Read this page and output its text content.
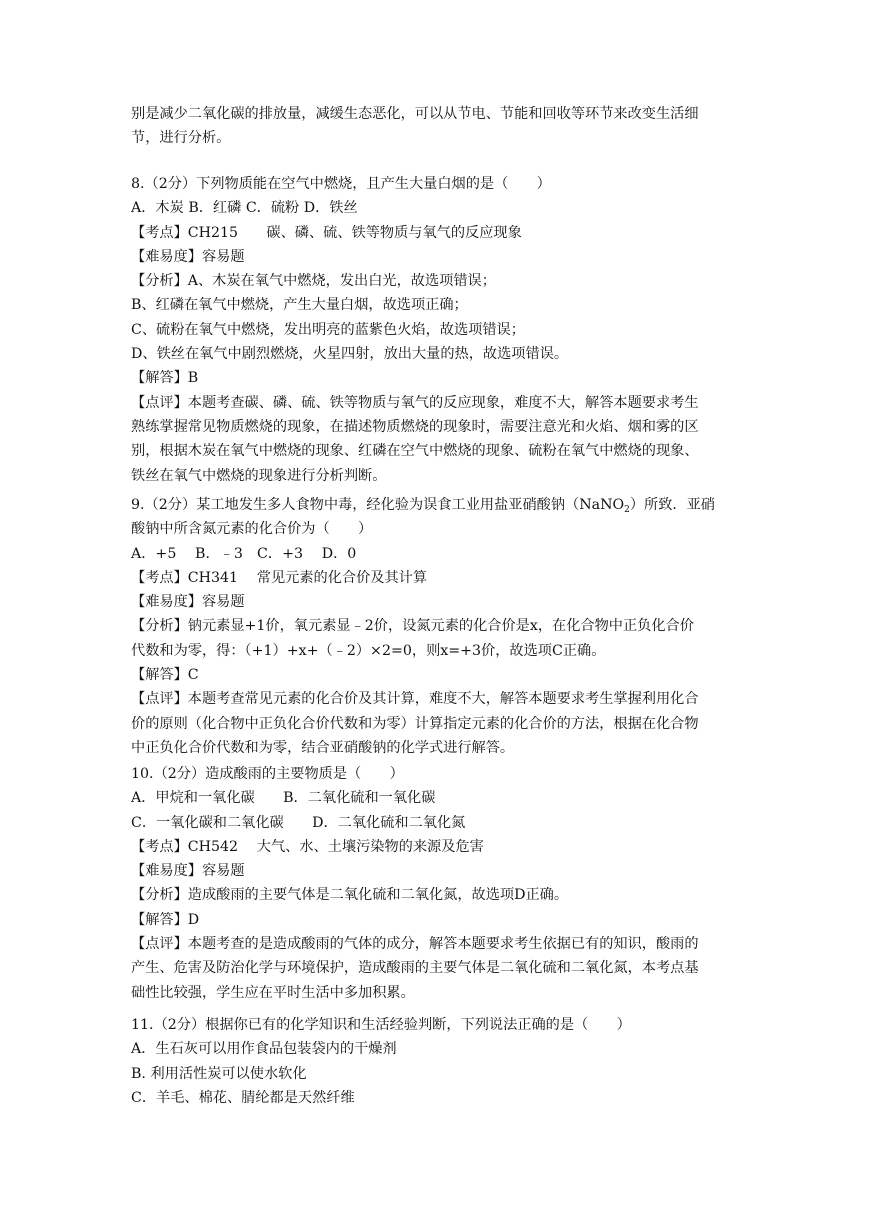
别是减少二氧化碳的排放量，减缓生态恶化，可以从节电、节能和回收等环节来改变生活细
节，进行分析。
8.（2分）下列物质能在空气中燃烧，且产生大量白烟的是（　　）
A．木炭 B．红磷 C．硫粉 D．铁丝
【考点】CH215　　碳、磷、硫、铁等物质与氧气的反应现象
【难易度】容易题
【分析】A、木炭在氧气中燃烧，发出白光，故选项错误；
B、红磷在氧气中燃烧，产生大量白烟，故选项正确；
C、硫粉在氧气中燃烧，发出明亮的蓝紫色火焰，故选项错误；
D、铁丝在氧气中剧烈燃烧，火星四射，放出大量的热，故选项错误。
【解答】B
【点评】本题考查碳、磷、硫、铁等物质与氧气的反应现象，难度不大，解答本题要求考生
熟练掌握常见物质燃烧的现象，在描述物质燃烧的现象时，需要注意光和火焰、烟和雾的区
别，根据木炭在氧气中燃烧的现象、红磷在空气中燃烧的现象、硫粉在氧气中燃烧的现象、
铁丝在氧气中燃烧的现象进行分析判断。
9.（2分）某工地发生多人食物中毒，经化验为误食工业用盐亚硝酸钠（NaNO$_2$）所致．亚硝
酸钠中所含氮元素的化合价为（　　）
A．+5　 B．﹣3　C．+3　 D．0
【考点】CH341　 常见元素的化合价及其计算
【难易度】容易题
【分析】钠元素显+1价，氧元素显﹣2价，设氮元素的化合价是x，在化合物中正负化合价
代数和为零，得：（+1）+x+（﹣2）×2=0，则x=+3价，故选项C正确。
【解答】C
【点评】本题考查常见元素的化合价及其计算，难度不大，解答本题要求考生掌握利用化合
价的原则（化合物中正负化合价代数和为零）计算指定元素的化合价的方法，根据在化合物
中正负化合价代数和为零，结合亚硝酸钠的化学式进行解答。
10.（2分）造成酸雨的主要物质是（　　）
A．甲烷和一氧化碳　　B．二氧化硫和一氧化碳
C．一氧化碳和二氧化碳　　D．二氧化硫和二氧化氮
【考点】CH542　 大气、水、土壤污染物的来源及危害
【难易度】容易题
【分析】造成酸雨的主要气体是二氧化硫和二氧化氮，故选项D正确。
【解答】D
【点评】本题考查的是造成酸雨的气体的成分，解答本题要求考生依据已有的知识，酸雨的
产生、危害及防治化学与环境保护，造成酸雨的主要气体是二氧化硫和二氧化氮，本考点基
础性比较强，学生应在平时生活中多加积累。
11.（2分）根据你已有的化学知识和生活经验判断，下列说法正确的是（　　）
A．生石灰可以用作食品包装袋内的干燥剂
B. 利用活性炭可以使水软化
C．羊毛、棉花、腈纶都是天然纤维
